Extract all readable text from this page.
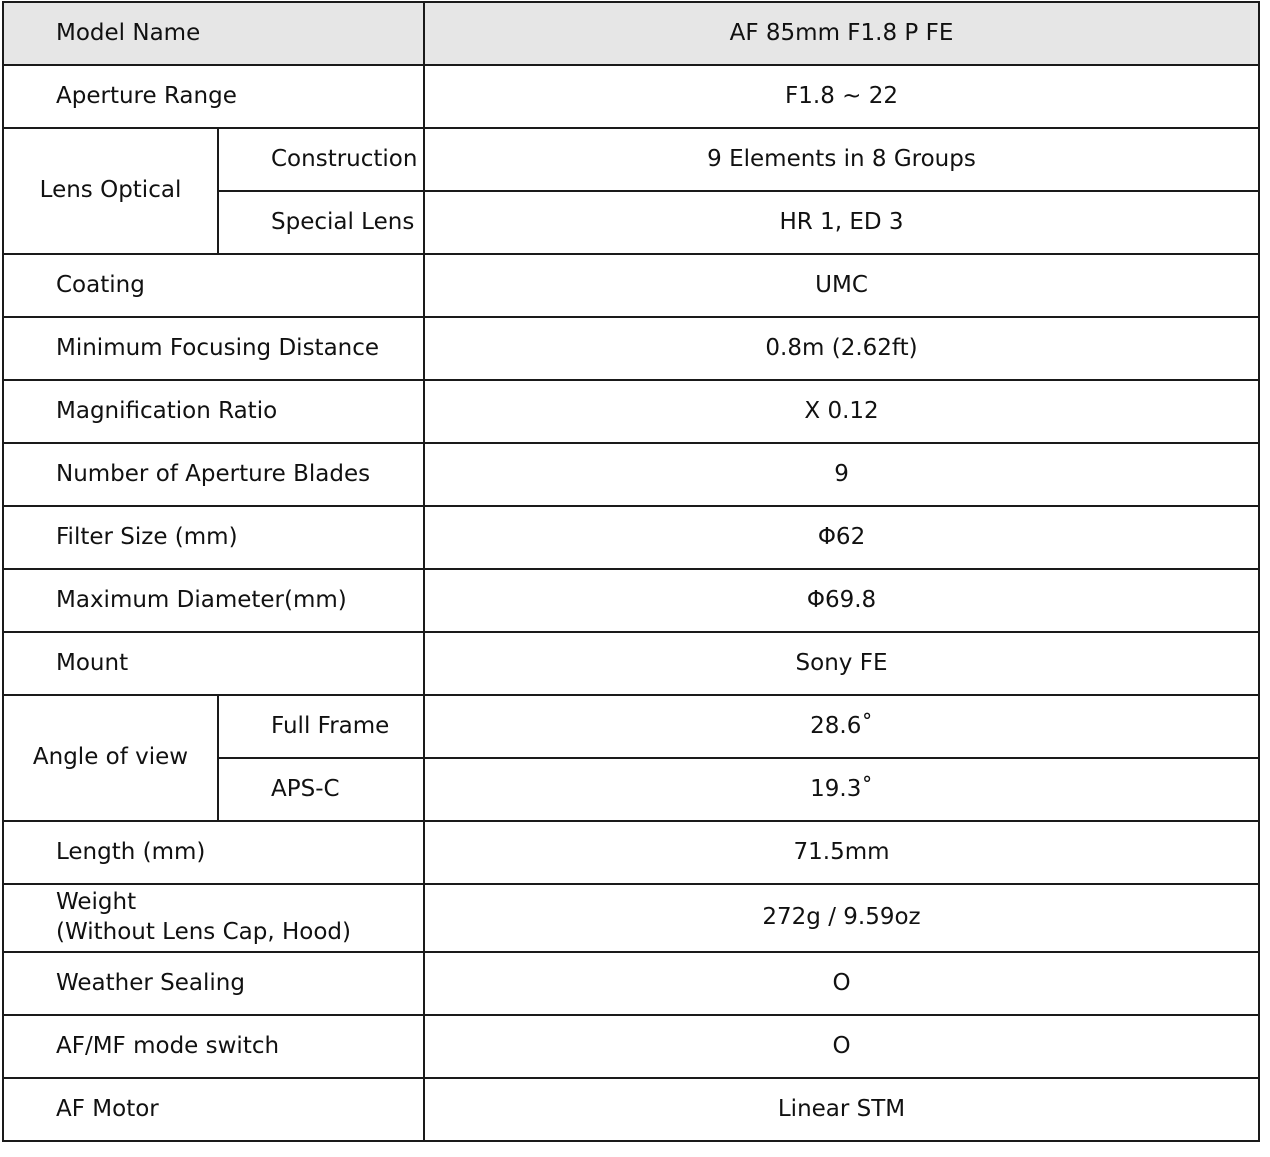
Model Name		AF 85mm F1.8 P FE
Aperture Range		F1.8 ~ 22
Lens Optical	Construction	9 Elements in 8 Groups
	Special Lens	HR 1, ED 3
Coating		UMC
Minimum Focusing Distance		0.8m (2.62ft)
Magnification Ratio		X 0.12
Number of Aperture Blades		9
Filter Size (mm)		Φ62
Maximum Diameter(mm)		Φ69.8
Mount		Sony FE
Angle of view	Full Frame	28.6˚
	APS-C	19.3˚
Length (mm)		71.5mm
Weight
(Without Lens Cap, Hood)		272g / 9.59oz
Weather Sealing		O
AF/MF mode switch		O
AF Motor		Linear STM
